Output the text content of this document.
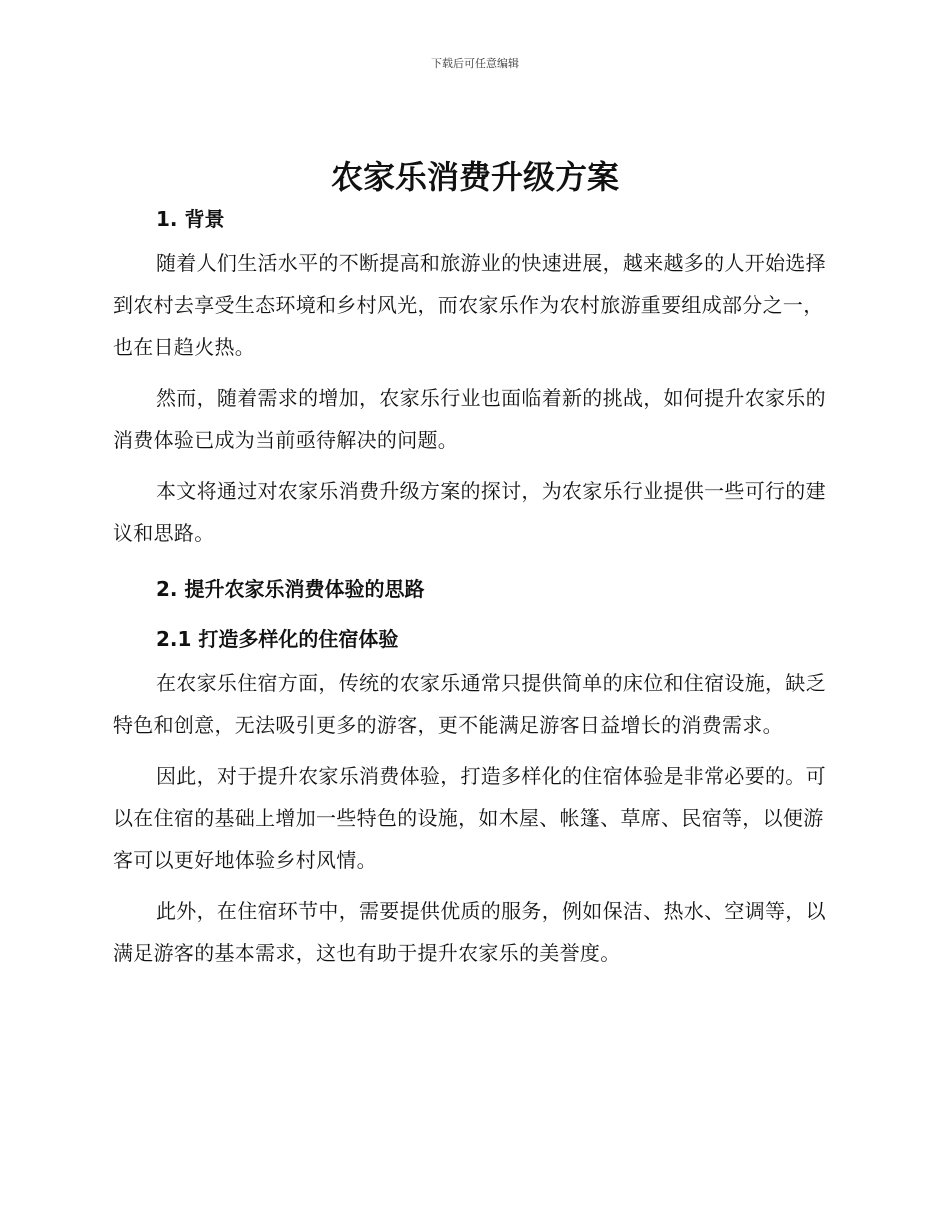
下载后可任意编辑
农家乐消费升级方案
1. 背景

随着人们生活水平的不断提高和旅游业的快速进展，越来越多的人开始选择到农村去享受生态环境和乡村风光，而农家乐作为农村旅游重要组成部分之一，也在日趋火热。

然而，随着需求的增加，农家乐行业也面临着新的挑战，如何提升农家乐的消费体验已成为当前亟待解决的问题。

本文将通过对农家乐消费升级方案的探讨，为农家乐行业提供一些可行的建议和思路。

2. 提升农家乐消费体验的思路
2.1 打造多样化的住宿体验

在农家乐住宿方面，传统的农家乐通常只提供简单的床位和住宿设施，缺乏特色和创意，无法吸引更多的游客，更不能满足游客日益增长的消费需求。

因此，对于提升农家乐消费体验，打造多样化的住宿体验是非常必要的。可以在住宿的基础上增加一些特色的设施，如木屋、帐篷、草席、民宿等，以便游客可以更好地体验乡村风情。

此外，在住宿环节中，需要提供优质的服务，例如保洁、热水、空调等，以满足游客的基本需求，这也有助于提升农家乐的美誉度。
